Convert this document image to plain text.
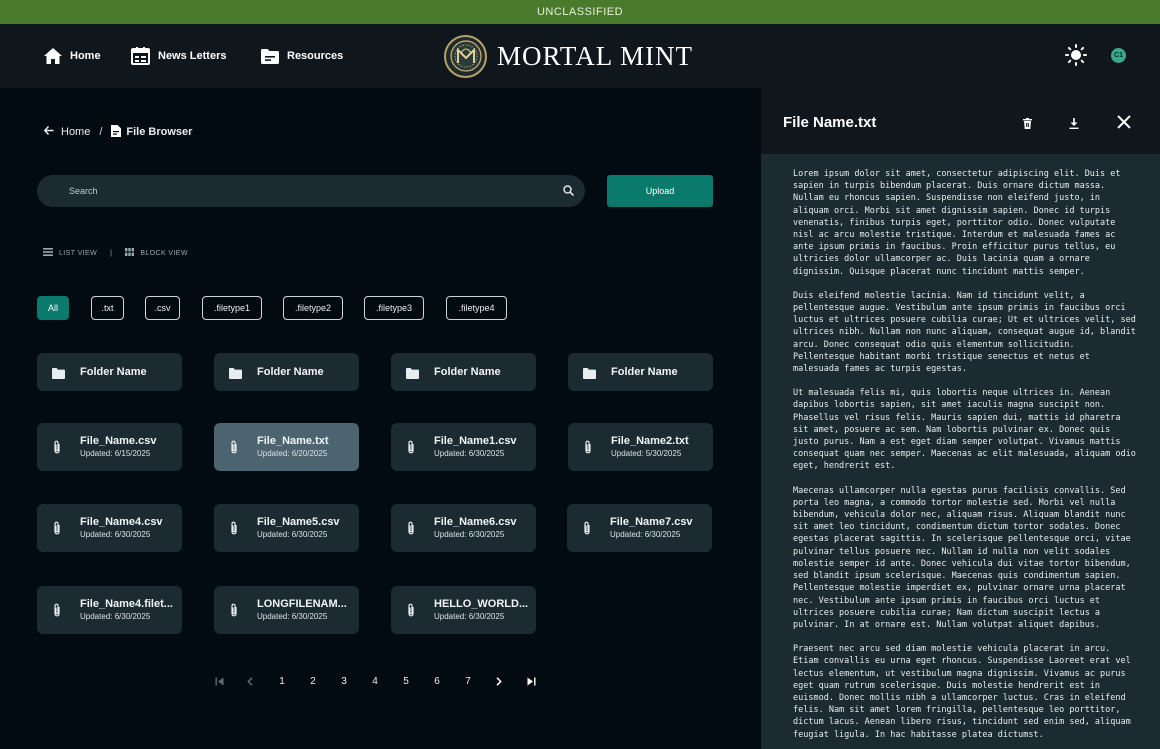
UNCLASSIFIED
Home	News Letters	Resources	MORTAL MINT	C1
Home / File Browser
Search	Upload
LIST VIEW |	BLOCK VIEW
All	.txt	.csv	.filetype1	.filetype2	.filetype3	.filetype4
Folder Name	Folder Name	Folder Name	Folder Name
File_Name.csv
Updated: 6/15/2025
File_Name.txt
Updated: 6/20/2025
File_Name1.csv
Updated: 6/30/2025
File_Name2.txt
Updated: 5/30/2025
File_Name4.csv
Updated: 6/30/2025
File_Name5.csv
Updated: 6/30/2025
File_Name6.csv
Updated: 6/30/2025
File_Name7.csv
Updated: 6/30/2025
File_Name4.filet...
Updated: 6/30/2025
LONGFILENAM...
Updated: 6/30/2025
HELLO_WORLD...
Updated: 6/30/2025
1	2	3	4	5	6	7
File Name.txt

Lorem ipsum dolor sit amet, consectetur adipiscing elit. Duis et sapien in turpis bibendum placerat. Duis ornare dictum massa. Nullam eu rhoncus sapien. Suspendisse non eleifend justo, in aliquam orci. Morbi sit amet dignissim sapien. Donec id turpis venenatis, finibus turpis eget, porttitor odio. Donec vulputate nisl ac arcu molestie tristique. Interdum et malesuada fames ac ante ipsum primis in faucibus. Proin efficitur purus tellus, eu ultricies dolor ullamcorper ac. Duis lacinia quam a ornare dignissim. Quisque placerat nunc tincidunt mattis semper.

Duis eleifend molestie lacinia. Nam id tincidunt velit, a pellentesque augue. Vestibulum ante ipsum primis in faucibus orci luctus et ultrices posuere cubilia curae; Ut et ultrices velit, sed ultrices nibh. Nullam non nunc aliquam, consequat augue id, blandit arcu. Donec consequat odio quis elementum sollicitudin. Pellentesque habitant morbi tristique senectus et netus et malesuada fames ac turpis egestas.

Ut malesuada felis mi, quis lobortis neque ultrices in. Aenean dapibus lobortis sapien, sit amet iaculis magna suscipit non. Phasellus vel risus felis. Mauris sapien dui, mattis id pharetra sit amet, posuere ac sem. Nam lobortis pulvinar ex. Donec quis justo purus. Nam a est eget diam semper volutpat. Vivamus mattis consequat quam nec semper. Maecenas ac elit malesuada, aliquam odio eget, hendrerit est.

Maecenas ullamcorper nulla egestas purus facilisis convallis. Sed porta leo magna, a commodo tortor molestie sed. Morbi vel nulla bibendum, vehicula dolor nec, aliquam risus. Aliquam blandit nunc sit amet leo tincidunt, condimentum dictum tortor sodales. Donec egestas placerat sagittis. In scelerisque pellentesque orci, vitae pulvinar tellus posuere nec. Nullam id nulla non velit sodales molestie semper id ante. Donec vehicula dui vitae tortor bibendum, sed blandit ipsum scelerisque. Maecenas quis condimentum sapien. Pellentesque molestie imperdiet ex, pulvinar ornare urna placerat nec. Vestibulum ante ipsum primis in faucibus orci luctus et ultrices posuere cubilia curae; Nam dictum suscipit lectus a pulvinar. In at ornare est. Nullam volutpat aliquet dapibus.

Praesent nec arcu sed diam molestie vehicula placerat in arcu. Etiam convallis eu urna eget rhoncus. Suspendisse Laoreet erat vel lectus elementum, ut vestibulum magna dignissim. Vivamus ac purus eget quam rutrum scelerisque. Duis molestie hendrerit est in euismod. Donec mollis nibh a ullamcorper luctus. Cras in eleifend felis. Nam sit amet lorem fringilla, pellentesque leo porttitor, dictum lacus. Aenean libero risus, tincidunt sed enim sed, aliquam feugiat ligula. In hac habitasse platea dictumst.
